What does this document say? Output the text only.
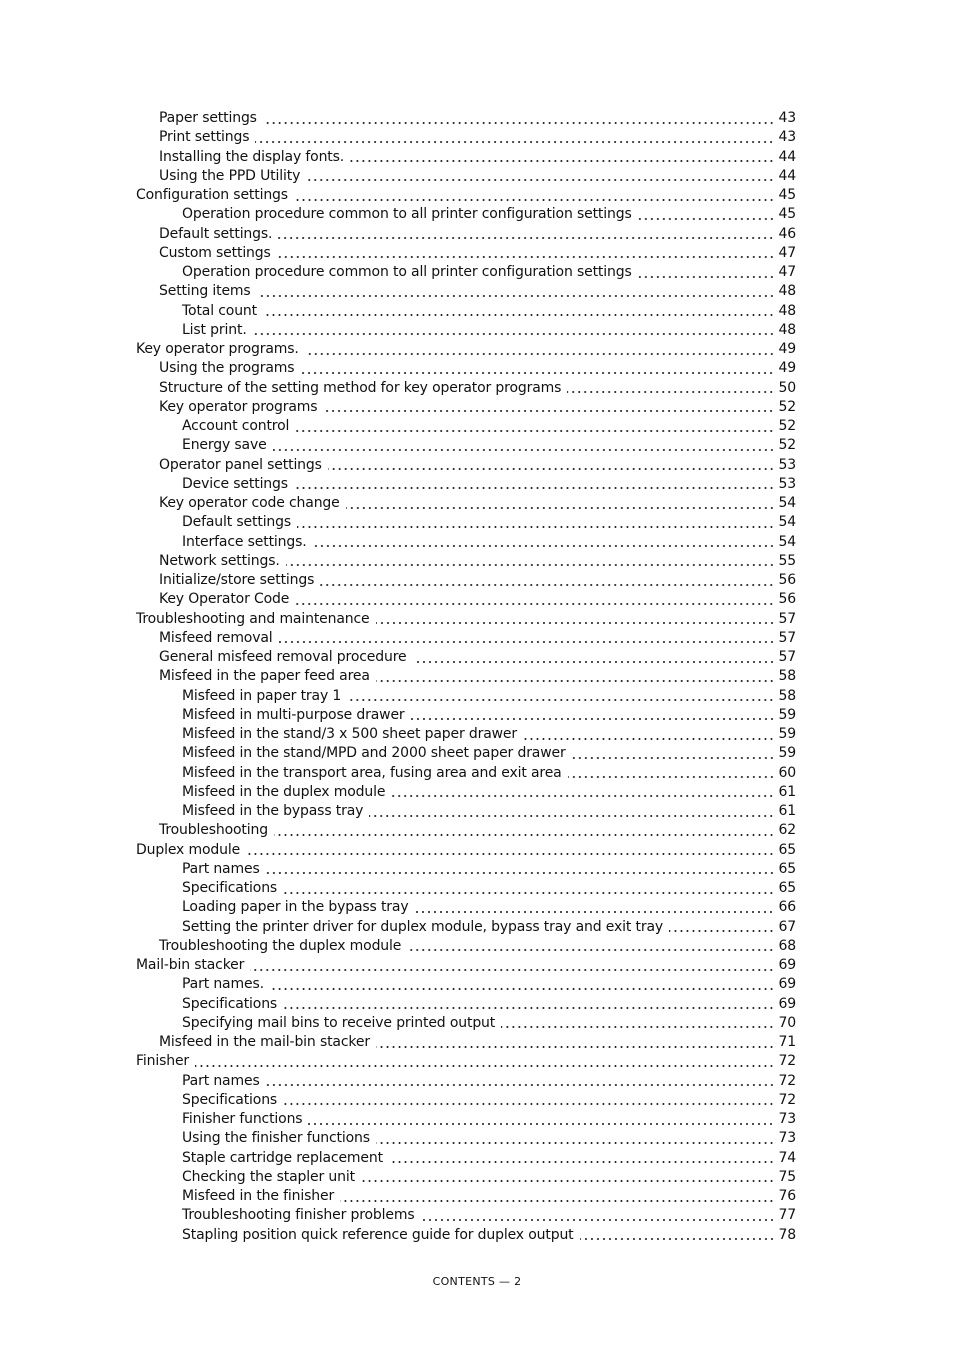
Paper settings	43
Print settings	43
Installing the display fonts.	44
Using the PPD Utility	44
Configuration settings	45
Operation procedure common to all printer configuration settings	45
Default settings.	46
Custom settings	47
Operation procedure common to all printer configuration settings	47
Setting items	48
Total count	48
List print.	48
Key operator programs.	49
Using the programs	49
Structure of the setting method for key operator programs	50
Key operator programs	52
Account control	52
Energy save	52
Operator panel settings	53
Device settings	53
Key operator code change	54
Default settings	54
Interface settings.	54
Network settings.	55
Initialize/store settings	56
Key Operator Code	56
Troubleshooting and maintenance	57
Misfeed removal	57
General misfeed removal procedure	57
Misfeed in the paper feed area	58
Misfeed in paper tray 1	58
Misfeed in multi-purpose drawer	59
Misfeed in the stand/3 x 500 sheet paper drawer	59
Misfeed in the stand/MPD and 2000 sheet paper drawer	59
Misfeed in the transport area, fusing area and exit area	60
Misfeed in the duplex module	61
Misfeed in the bypass tray	61
Troubleshooting	62
Duplex module	65
Part names	65
Specifications	65
Loading paper in the bypass tray	66
Setting the printer driver for duplex module, bypass tray and exit tray	67
Troubleshooting the duplex module	68
Mail-bin stacker	69
Part names.	69
Specifications	69
Specifying mail bins to receive printed output	70
Misfeed in the mail-bin stacker	71
Finisher	72
Part names	72
Specifications	72
Finisher functions	73
Using the finisher functions	73
Staple cartridge replacement	74
Checking the stapler unit	75
Misfeed in the finisher	76
Troubleshooting finisher problems	77
Stapling position quick reference guide for duplex output	78
CONTENTS — 2
